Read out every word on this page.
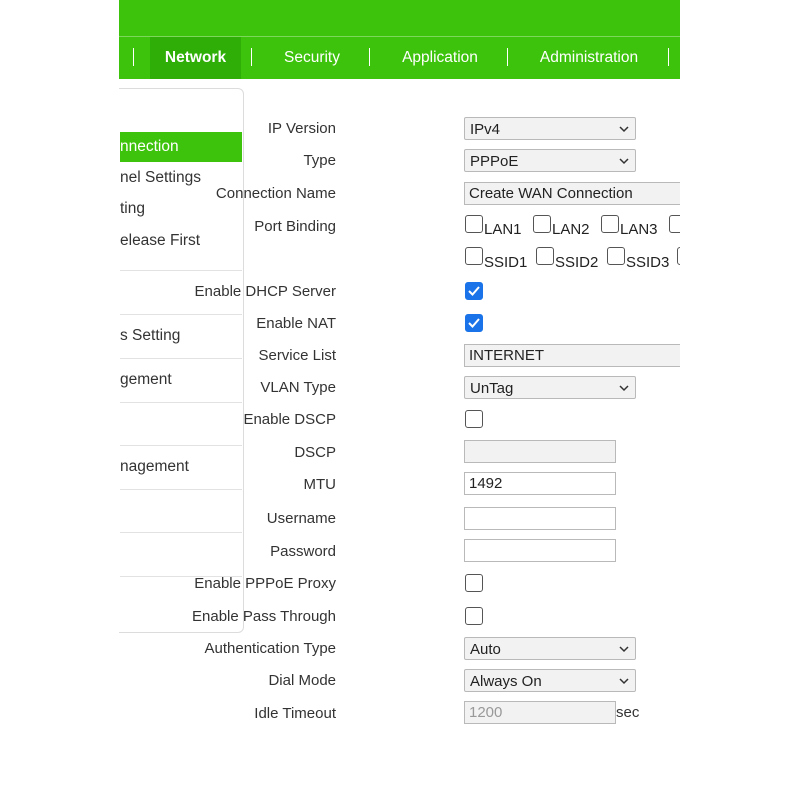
Network	Security	Application	Administration
nnection
nel Settings
ting
elease First
s Setting
gement
nagement
IP Version	IPv4
Type	PPPoE
Connection Name	Create WAN Connection
Port Binding	LAN1 LAN2 LAN3
SSID1 SSID2 SSID3
Enable DHCP Server
Enable NAT
Service List	INTERNET
VLAN Type	UnTag
Enable DSCP
DSCP
MTU	1492
Username
Password
Enable PPPoE Proxy
Enable Pass Through
Authentication Type	Auto
Dial Mode	Always On
Idle Timeout	1200	sec
